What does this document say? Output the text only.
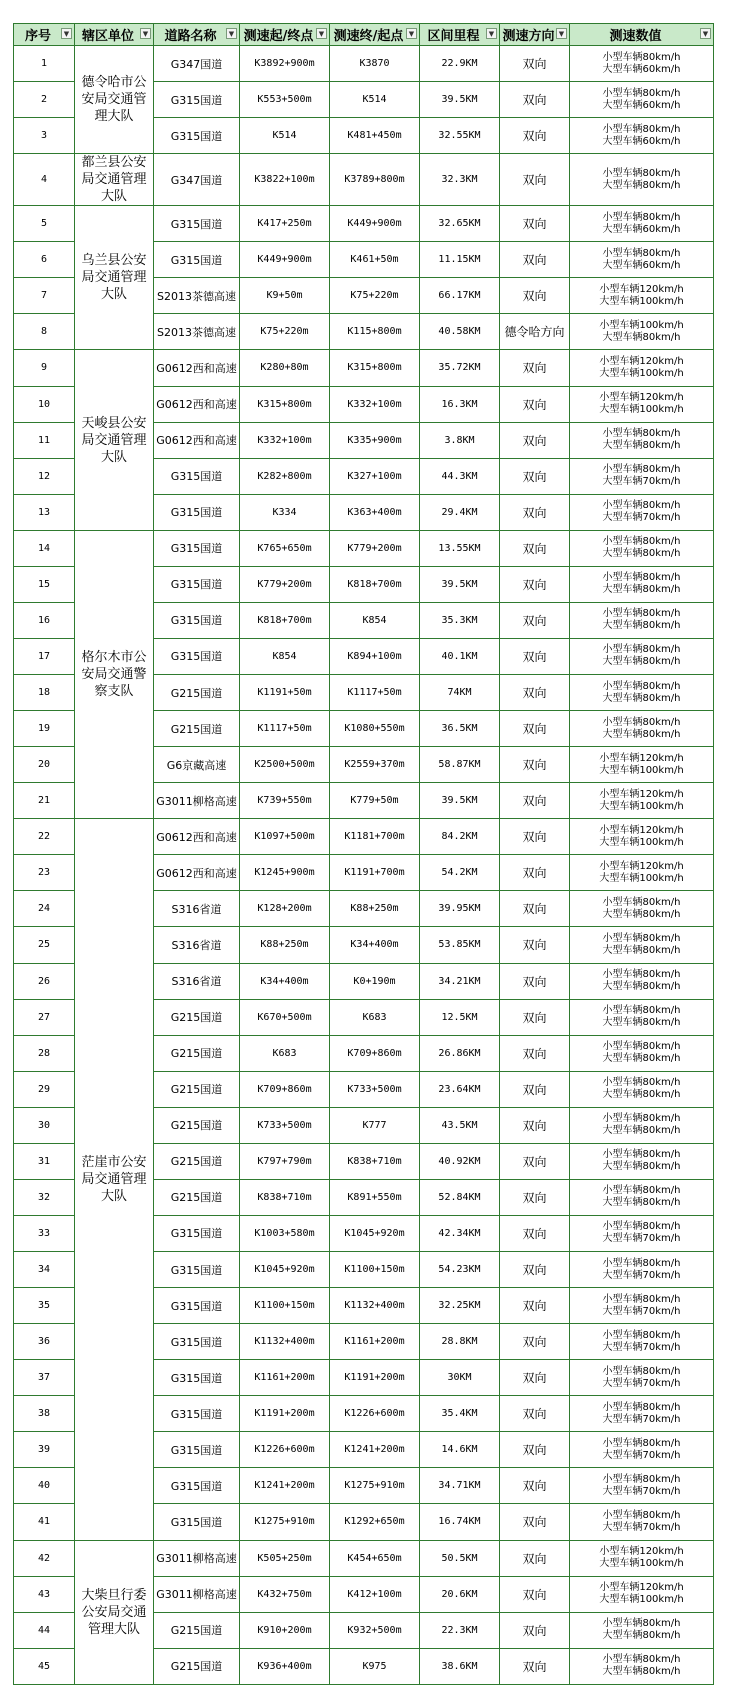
序号 ▼	辖区单位 ▼	道路名称 ▼	测速起/终点 ▼	测速终/起点 ▼	区间里程 ▼	测速方向 ▼	测速数值 ▼

1	德令哈市公安局交通管理大队	G347国道	K3892+900m	K3870	22.9KM	双向	小型车辆80km/h
大型车辆60km/h

2		G315国道	K553+500m	K514	39.5KM	双向	小型车辆80km/h
大型车辆60km/h

3		G315国道	K514	K481+450m	32.55KM	双向	小型车辆80km/h
大型车辆60km/h

4	都兰县公安局交通管理大队	G347国道	K3822+100m	K3789+800m	32.3KM	双向	小型车辆80km/h
大型车辆80km/h

5	乌兰县公安局交通管理大队	G315国道	K417+250m	K449+900m	32.65KM	双向	小型车辆80km/h
大型车辆60km/h

6		G315国道	K449+900m	K461+50m	11.15KM	双向	小型车辆80km/h
大型车辆60km/h

7		S2013茶德高速	K9+50m	K75+220m	66.17KM	双向	小型车辆120km/h
大型车辆100km/h

8		S2013茶德高速	K75+220m	K115+800m	40.58KM	德令哈方向	小型车辆100km/h
大型车辆80km/h

9	天峻县公安局交通管理大队	G0612西和高速	K280+80m	K315+800m	35.72KM	双向	小型车辆120km/h
大型车辆100km/h

10		G0612西和高速	K315+800m	K332+100m	16.3KM	双向	小型车辆120km/h
大型车辆100km/h

11		G0612西和高速	K332+100m	K335+900m	3.8KM	双向	小型车辆80km/h
大型车辆80km/h

12		G315国道	K282+800m	K327+100m	44.3KM	双向	小型车辆80km/h
大型车辆70km/h

13		G315国道	K334	K363+400m	29.4KM	双向	小型车辆80km/h
大型车辆70km/h

14	格尔木市公安局交通警察支队	G315国道	K765+650m	K779+200m	13.55KM	双向	小型车辆80km/h
大型车辆80km/h

15		G315国道	K779+200m	K818+700m	39.5KM	双向	小型车辆80km/h
大型车辆80km/h

16		G315国道	K818+700m	K854	35.3KM	双向	小型车辆80km/h
大型车辆80km/h

17		G315国道	K854	K894+100m	40.1KM	双向	小型车辆80km/h
大型车辆80km/h

18		G215国道	K1191+50m	K1117+50m	74KM	双向	小型车辆80km/h
大型车辆80km/h

19		G215国道	K1117+50m	K1080+550m	36.5KM	双向	小型车辆80km/h
大型车辆80km/h

20		G6京藏高速	K2500+500m	K2559+370m	58.87KM	双向	小型车辆120km/h
大型车辆100km/h

21		G3011柳格高速	K739+550m	K779+50m	39.5KM	双向	小型车辆120km/h
大型车辆100km/h

22	茫崖市公安局交通管理大队	G0612西和高速	K1097+500m	K1181+700m	84.2KM	双向	小型车辆120km/h
大型车辆100km/h

23		G0612西和高速	K1245+900m	K1191+700m	54.2KM	双向	小型车辆120km/h
大型车辆100km/h

24		S316省道	K128+200m	K88+250m	39.95KM	双向	小型车辆80km/h
大型车辆80km/h

25		S316省道	K88+250m	K34+400m	53.85KM	双向	小型车辆80km/h
大型车辆80km/h

26		S316省道	K34+400m	K0+190m	34.21KM	双向	小型车辆80km/h
大型车辆80km/h

27		G215国道	K670+500m	K683	12.5KM	双向	小型车辆80km/h
大型车辆80km/h

28		G215国道	K683	K709+860m	26.86KM	双向	小型车辆80km/h
大型车辆80km/h

29		G215国道	K709+860m	K733+500m	23.64KM	双向	小型车辆80km/h
大型车辆80km/h

30		G215国道	K733+500m	K777	43.5KM	双向	小型车辆80km/h
大型车辆80km/h

31		G215国道	K797+790m	K838+710m	40.92KM	双向	小型车辆80km/h
大型车辆80km/h

32		G215国道	K838+710m	K891+550m	52.84KM	双向	小型车辆80km/h
大型车辆80km/h

33		G315国道	K1003+580m	K1045+920m	42.34KM	双向	小型车辆80km/h
大型车辆70km/h

34		G315国道	K1045+920m	K1100+150m	54.23KM	双向	小型车辆80km/h
大型车辆70km/h

35		G315国道	K1100+150m	K1132+400m	32.25KM	双向	小型车辆80km/h
大型车辆70km/h

36		G315国道	K1132+400m	K1161+200m	28.8KM	双向	小型车辆80km/h
大型车辆70km/h

37		G315国道	K1161+200m	K1191+200m	30KM	双向	小型车辆80km/h
大型车辆70km/h

38		G315国道	K1191+200m	K1226+600m	35.4KM	双向	小型车辆80km/h
大型车辆70km/h

39		G315国道	K1226+600m	K1241+200m	14.6KM	双向	小型车辆80km/h
大型车辆70km/h

40		G315国道	K1241+200m	K1275+910m	34.71KM	双向	小型车辆80km/h
大型车辆70km/h

41		G315国道	K1275+910m	K1292+650m	16.74KM	双向	小型车辆80km/h
大型车辆70km/h

42	大柴旦行委公安局交通管理大队	G3011柳格高速	K505+250m	K454+650m	50.5KM	双向	小型车辆120km/h
大型车辆100km/h

43		G3011柳格高速	K432+750m	K412+100m	20.6KM	双向	小型车辆120km/h
大型车辆100km/h

44		G215国道	K910+200m	K932+500m	22.3KM	双向	小型车辆80km/h
大型车辆80km/h

45		G215国道	K936+400m	K975	38.6KM	双向	小型车辆80km/h
大型车辆80km/h
